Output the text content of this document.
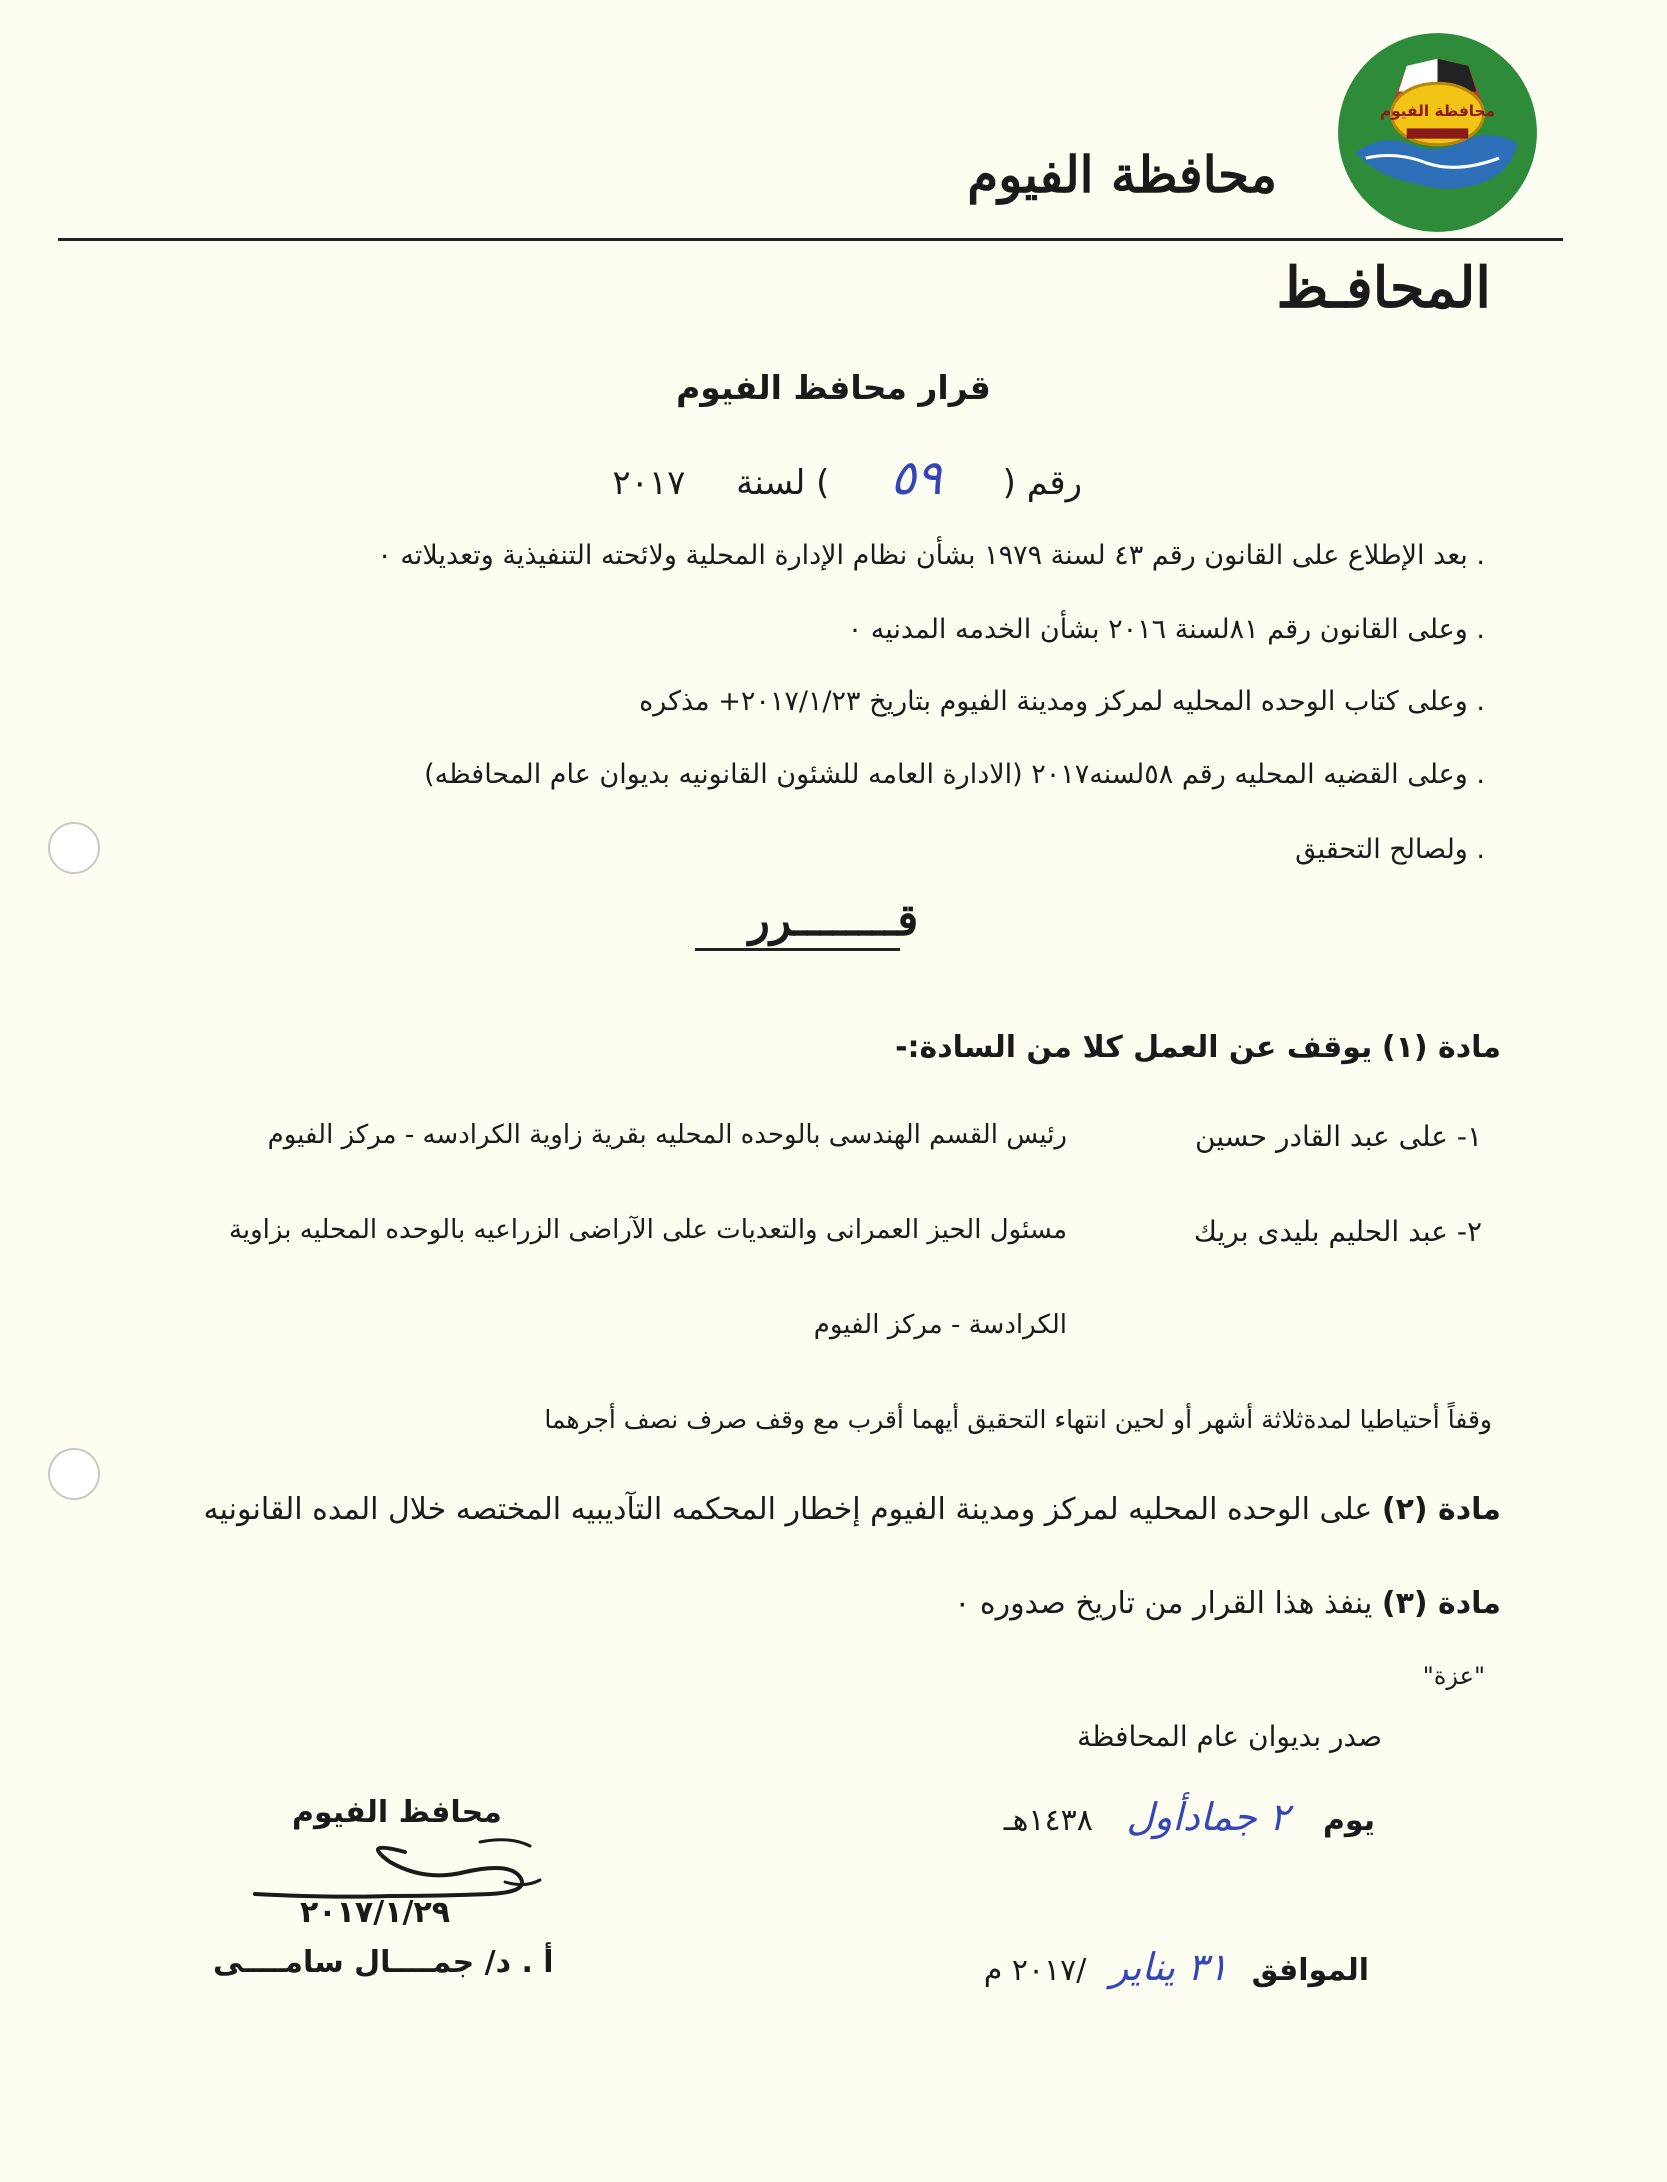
محافظة الفيوم
محافظة الفيوم
المحافـظ
قرار محافظ الفيوم
رقم ( ٥٩ ) لسنة ٢٠١٧
. بعد الإطلاع على القانون رقم ٤٣ لسنة ١٩٧٩ بشأن نظام الإدارة المحلية ولائحته التنفيذية وتعديلاته ٠
. وعلى القانون رقم ٨١لسنة ٢٠١٦ بشأن الخدمه المدنيه ٠
. وعلى كتاب الوحده المحليه لمركز ومدينة الفيوم بتاريخ ٢٠١٧/١/٢٣+ مذكره
. وعلى القضيه المحليه رقم ٥٨لسنه٢٠١٧ (الادارة العامه للشئون القانونيه بديوان عام المحافظه)
. ولصالح التحقيق
قــــــــرر
مادة (١) يوقف عن العمل كلا من السادة:-
١- على عبد القادر حسين
رئيس القسم الهندسى بالوحده المحليه بقرية زاوية الكرادسه - مركز الفيوم
٢- عبد الحليم بليدى بريك
مسئول الحيز العمرانى والتعديات على الآراضى الزراعيه بالوحده المحليه بزاوية
الكرادسة - مركز الفيوم
وقفاً أحتياطيا لمدةثلاثة أشهر أو لحين انتهاء التحقيق أيهما أقرب مع وقف صرف نصف أجرهما
مادة (٢) على الوحده المحليه لمركز ومدينة الفيوم إخطار المحكمه التآديبيه المختصه خلال المده القانونيه
مادة (٣) ينفذ هذا القرار من تاريخ صدوره ٠
"عزة"
صدر بديوان عام المحافظة
يوم ٢ جمادأول ١٤٣٨هـ
الموافق ٣١ يناير /٢٠١٧ م
محافظ الفيوم
٢٠١٧/١/٢٩
أ . د/ جمــــال سامــــى
